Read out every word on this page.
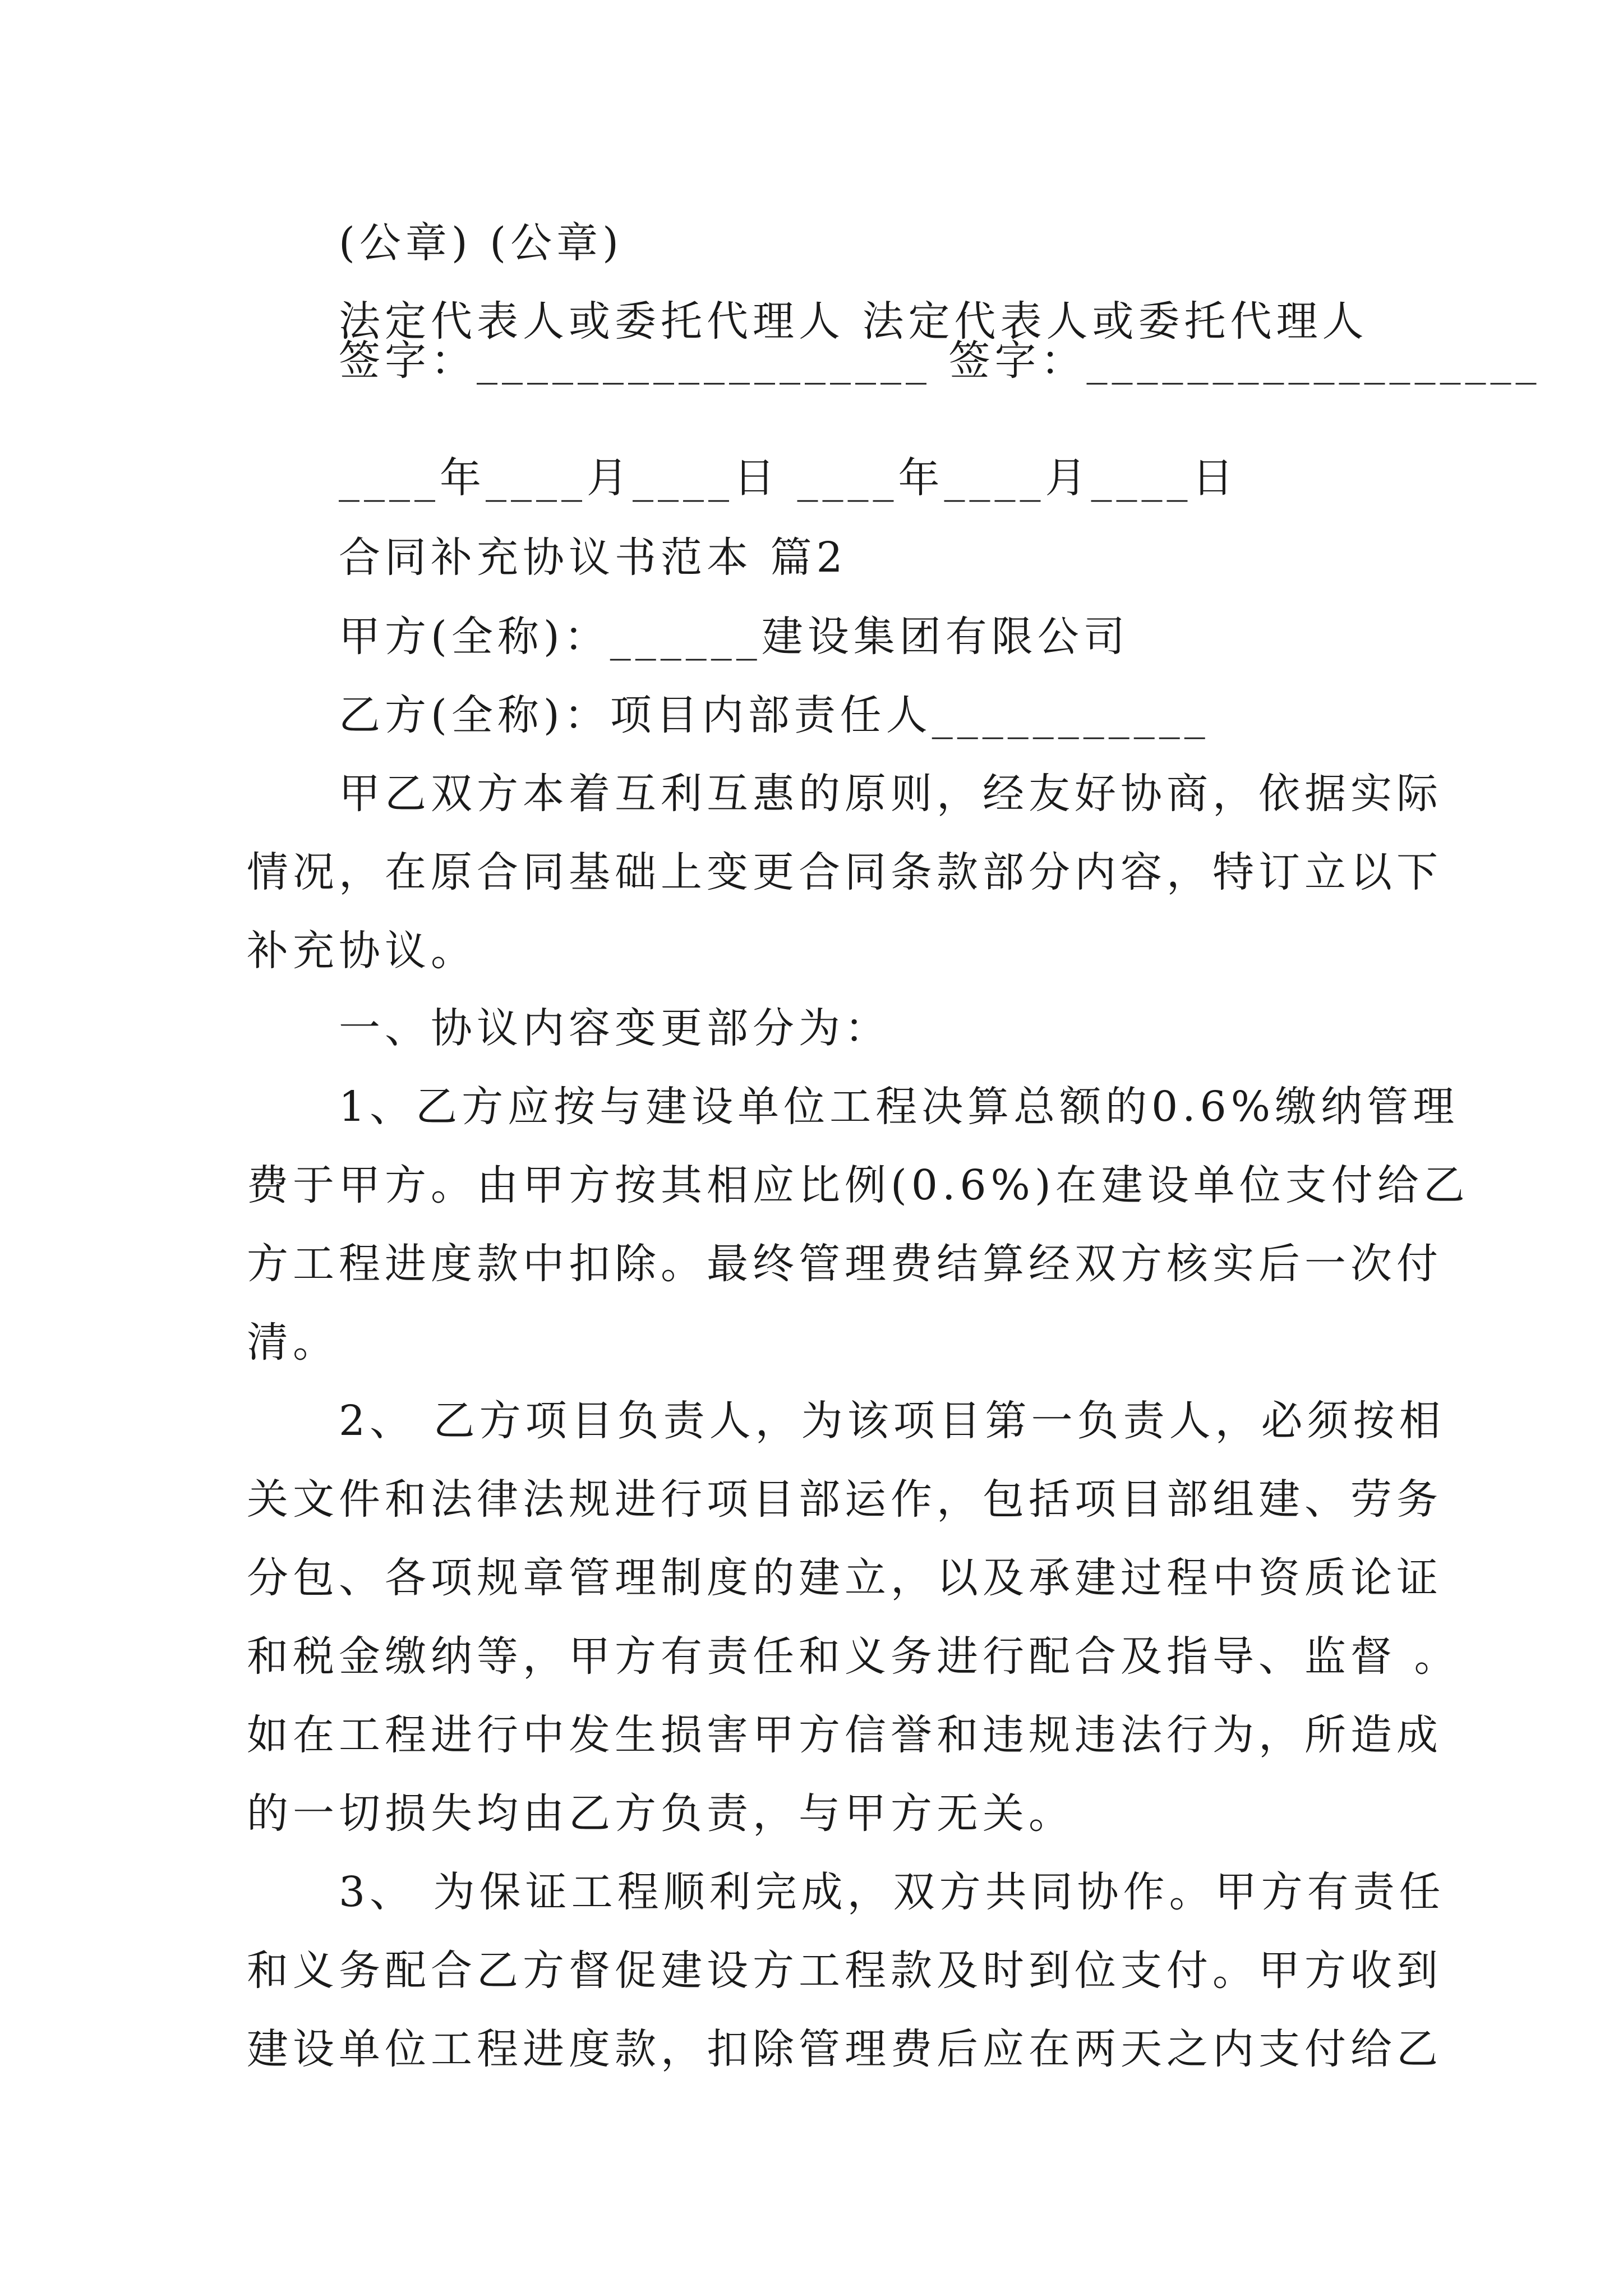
(公章) (公章)
法定代表人或委托代理人 法定代表人或委托代理人
签字：__________________ 签字：__________________
____年____月____日 ____年____月____日
合同补充协议书范本 篇2
甲方(全称)：______建设集团有限公司
乙方(全称)：项目内部责任人___________
甲乙双方本着互利互惠的原则，经友好协商，依据实际
情况，在原合同基础上变更合同条款部分内容，特订立以下
补充协议。
一、协议内容变更部分为：
1、乙方应按与建设单位工程决算总额的0.6%缴纳管理
费于甲方。由甲方按其相应比例(0.6%)在建设单位支付给乙
方工程进度款中扣除。最终管理费结算经双方核实后一次付
清。
2、 乙方项目负责人，为该项目第一负责人，必须按相
关文件和法律法规进行项目部运作，包括项目部组建、劳务
分包、各项规章管理制度的建立，以及承建过程中资质论证
和税金缴纳等，甲方有责任和义务进行配合及指导、监督 。
如在工程进行中发生损害甲方信誉和违规违法行为，所造成
的一切损失均由乙方负责，与甲方无关。
3、 为保证工程顺利完成，双方共同协作。甲方有责任
和义务配合乙方督促建设方工程款及时到位支付。甲方收到
建设单位工程进度款，扣除管理费后应在两天之内支付给乙
